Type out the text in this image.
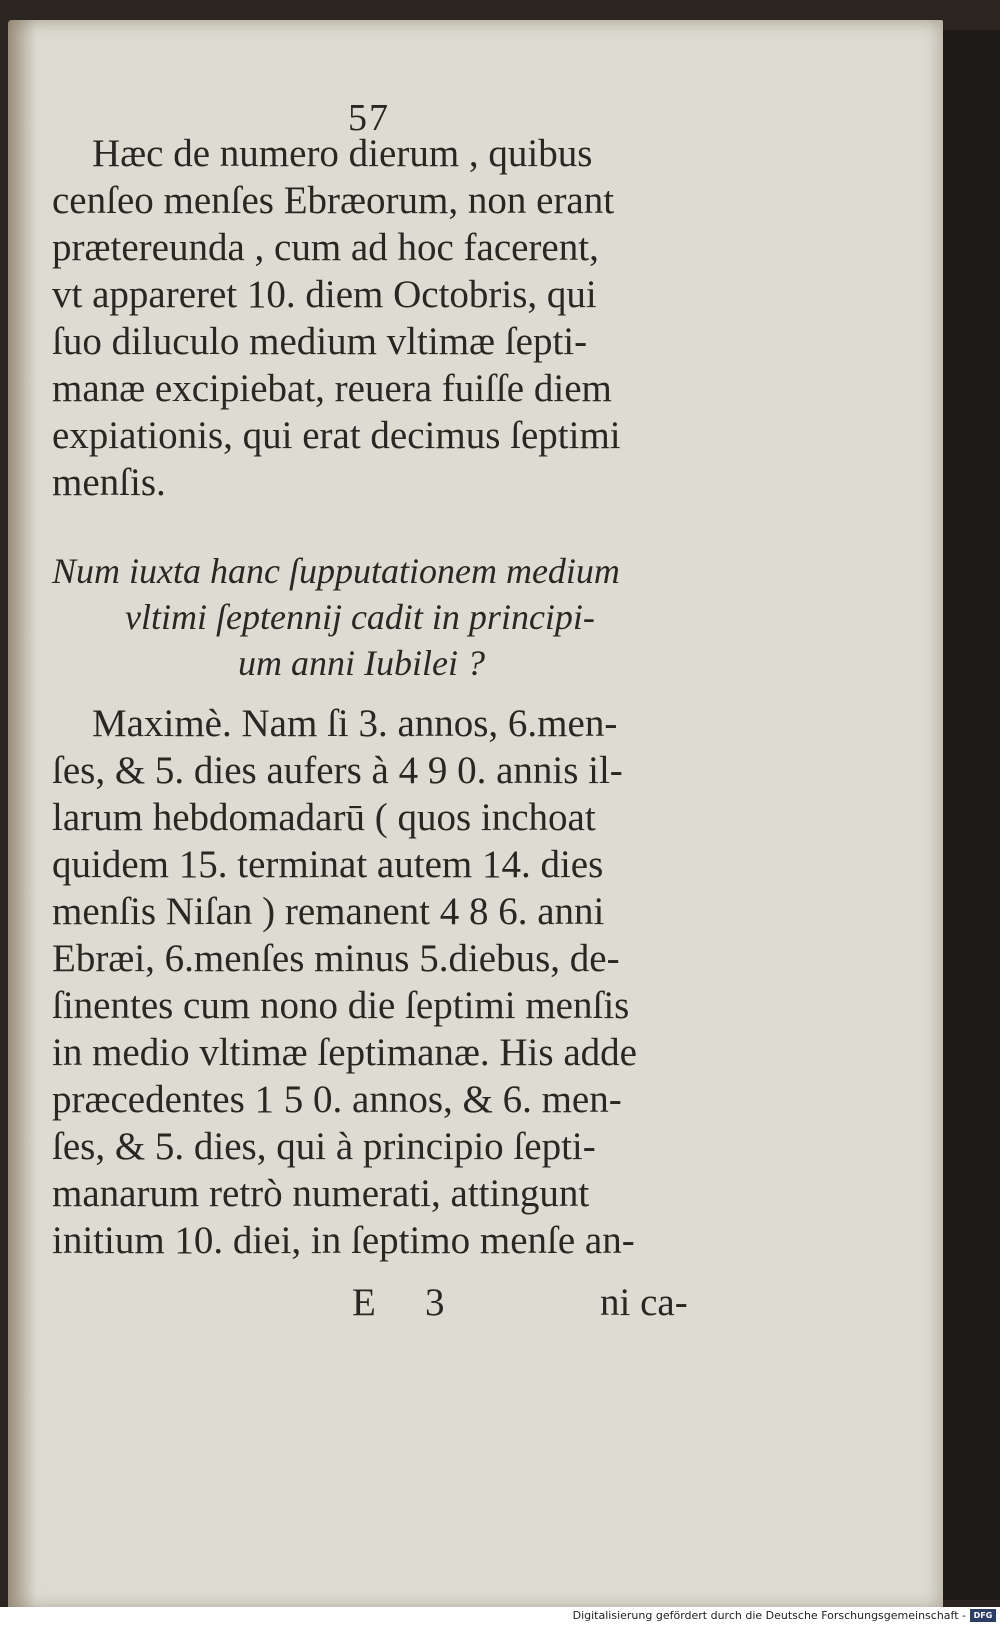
57
Hæc de numero dierum , quibus
cenſeo menſes Ebræorum, non erant
prætereunda , cum ad hoc facerent,
vt appareret 10. diem Octobris, qui
ſuo diluculo medium vltimæ ſepti-
manæ excipiebat, reuera fuiſſe diem
expiationis, qui erat decimus ſeptimi
menſis.
Num iuxta hanc ſupputationem medium
vltimi ſeptennij cadit in principi-
um anni Iubilei ?
Maximè. Nam ſi 3. annos, 6.men-
ſes, & 5. dies aufers à 4 9 0. annis il-
larum hebdomadarū ( quos inchoat
quidem 15. terminat autem 14. dies
menſis Niſan ) remanent 4 8 6. anni
Ebræi, 6.menſes minus 5.diebus, de-
ſinentes cum nono die ſeptimi menſis
in medio vltimæ ſeptimanæ. His adde
præcedentes 1 5 0. annos, & 6. men-
ſes, & 5. dies, qui à principio ſepti-
manarum retrò numerati, attingunt
initium 10. diei, in ſeptimo menſe an-
E 3	ni ca-
Digitalisierung gefördert durch die Deutsche Forschungsgemeinschaft - DFG
